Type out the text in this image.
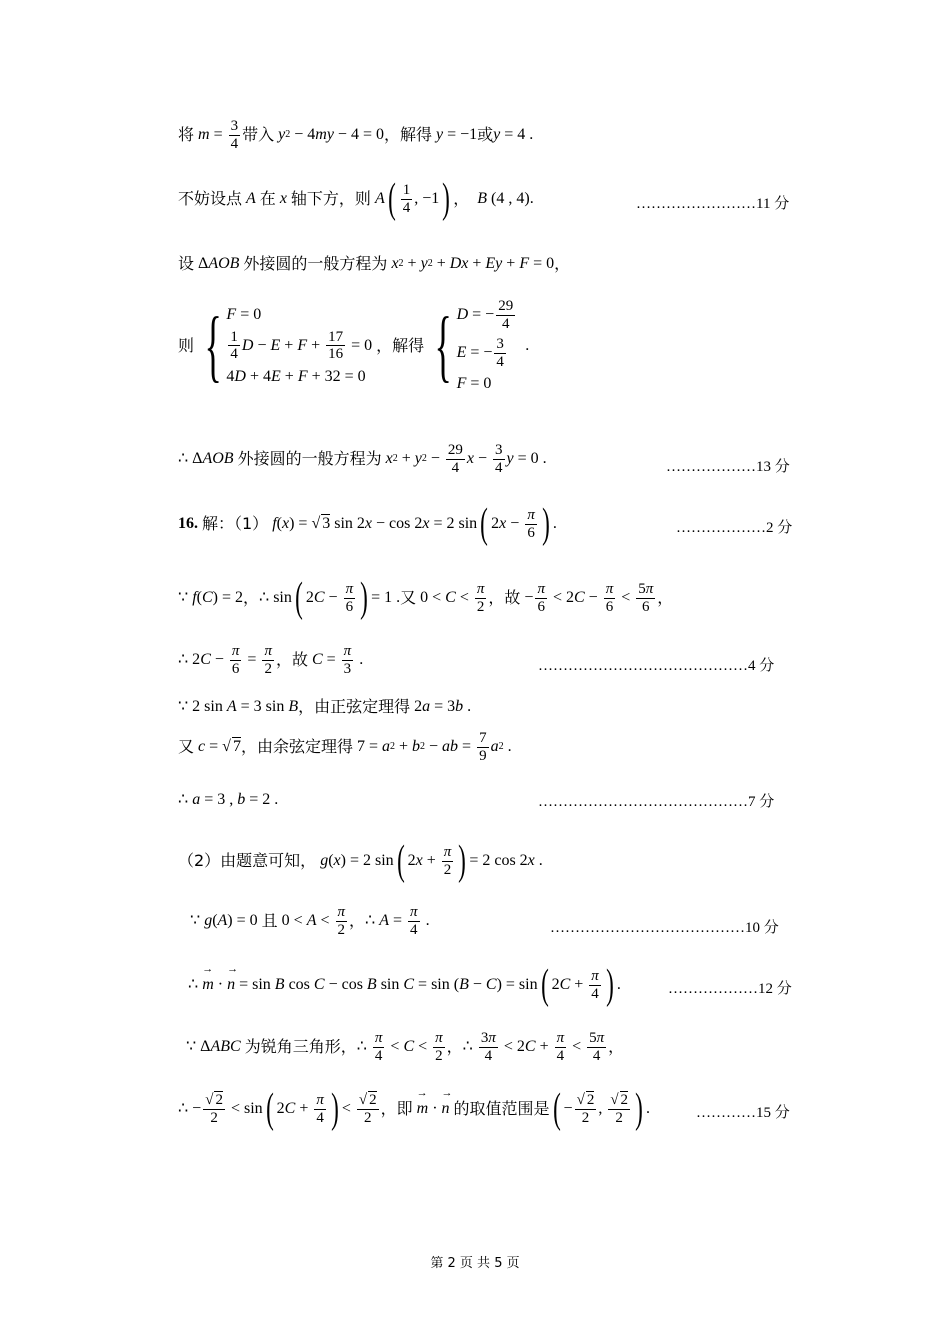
将
$m = \frac{3}{4}$ 带入
y 2 − 4 my − 4 = 0 ，解得
y = −1 或 y = 4 .
不妨设点
A
在
x
轴下方，则
A ( $\frac{1}{4}$ , −1 ) ，
B (4 , 4).	……………………11 分
设 Δ AOB
外接圆的一般方程为
x 2 + y 2 + Dx + Ey + F = 0 ，
则 { F = 0
$\frac{1}{4}$ $D - E + F + \frac{17}{16} = 0$
4 D + 4 E + F + 32 = 0

，解得 { D = − $\frac{29}{4}$
E = − $\frac{3}{4}$
F = 0
.
∴ Δ AOB
外接圆的一般方程为
x 2 + y $2 - \frac{29}{4}$ $x - \frac{3}{4}$ y = 0 .	………………13 分
16.
解：（1）
f ( x ) = √ 3 sin 2 x − cos 2 x = 2 sin ( 2 $x - \frac{\pi}{6}$ ) .	………………2 分
∵ f ( C ) = 2 ， ∴ sin ( 2 $C - \frac{\pi}{6}$ ) = 1 . 又 $0 < C < \frac{\pi}{2}$ ，故 − $\frac{\pi}{6} < 2$ $C - \frac{\pi}{6} < \frac{5\pi}{6}$ ，
∴ 2 $C - \frac{\pi}{6} = \frac{\pi}{2}$ ，故
$C = \frac{\pi}{3}$ .	……………………………………4 分
∵ 2 sin A = 3 sin B ，由正弦定理得 2 a = 3 b .
又
c = √ 7 ，由余弦定理得 7 = a 2 + b 2 − ab = $\frac{7}{9}$ a 2 .
∴ a = 3 , b = 2 .	……………………………………7 分
（2）由题意可知，
g ( x ) = 2 sin ( 2 $x + \frac{\pi}{2}$ ) = 2 cos 2 x .
∵ g ( A ) = 0 且 $0 < A < \frac{\pi}{2}$ ， ∴ $A = \frac{\pi}{4}$ .	…………………………………10 分
∴ → m · → n = sin B cos C − cos B sin C = sin ( B − C ) = sin ( 2 $C + \frac{\pi}{4}$ ) .	………………12 分
∵ Δ ABC
为锐角三角形， ∴ $\frac{\pi}{4} < C < \frac{\pi}{2}$ ， ∴ $\frac{3\pi}{4} < 2$ $C + \frac{\pi}{4} < \frac{5\pi}{4}$ ，
∴ − $\frac{√ 2}{2} < \sin$ ( 2 $C + \frac{\pi}{4}$ ) < $\frac{√ 2}{2}$ ，即
→ m · → n
的取值范围是 ( − $\frac{√ 2}{2}$ , $\frac{√ 2}{2}$ ) .	…………15 分
第 2 页 共 5 页
